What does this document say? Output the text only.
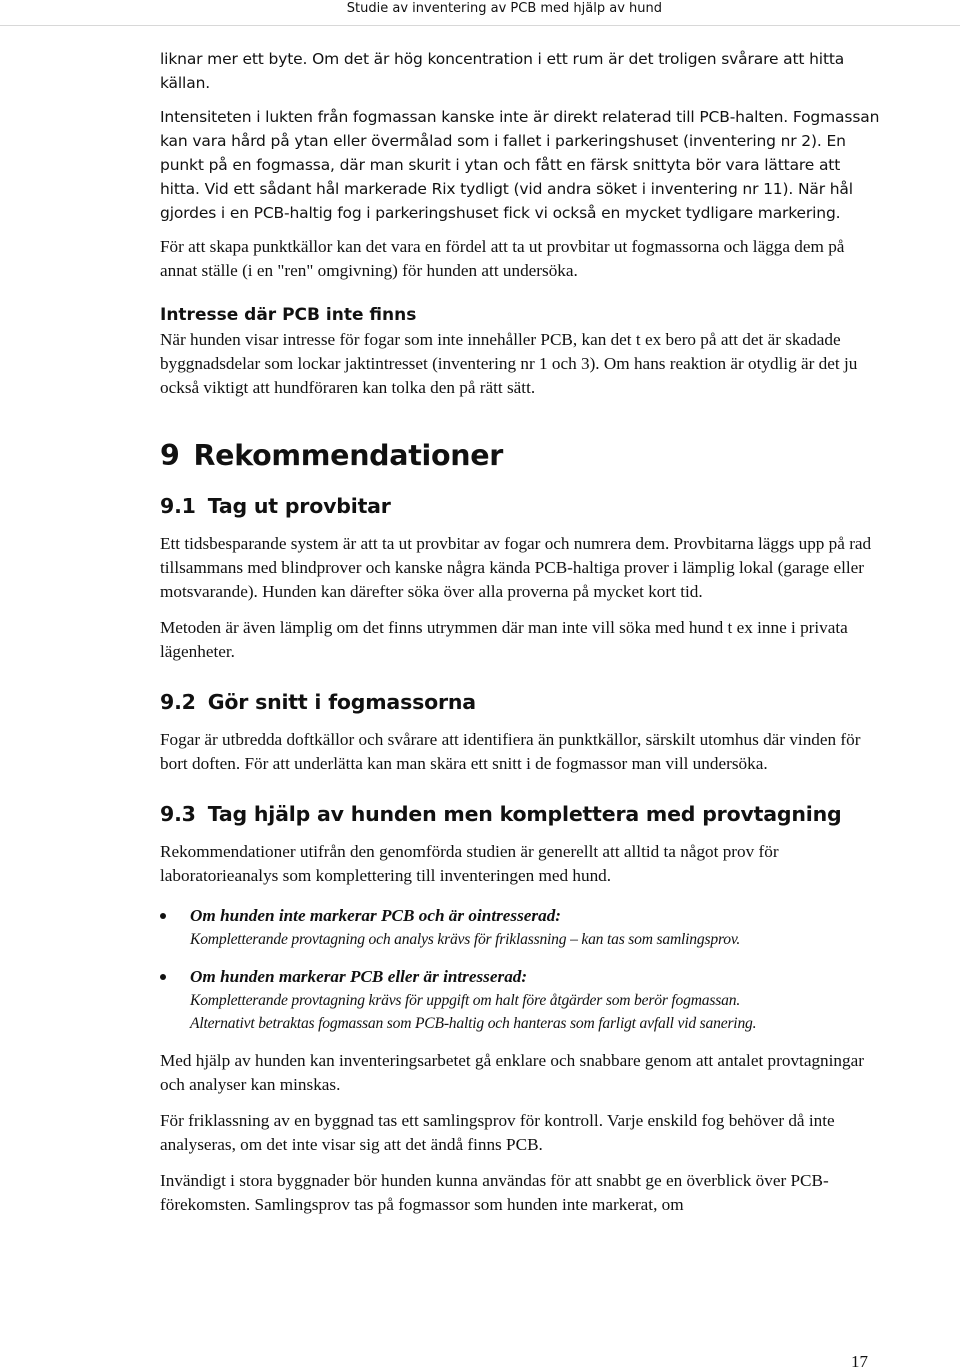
Studie av inventering av PCB med hjälp av hund

liknar mer ett byte. Om det är hög koncentration i ett rum är det troligen svårare att hitta källan.

Intensiteten i lukten från fogmassan kanske inte är direkt relaterad till PCB-halten. Fogmassan kan vara hård på ytan eller övermålad som i fallet i parkeringshuset (inventering nr 2). En punkt på en fogmassa, där man skurit i ytan och fått en färsk snittyta bör vara lättare att hitta. Vid ett sådant hål markerade Rix tydligt (vid andra söket i inventering nr 11). När hål gjordes i en PCB-haltig fog i parkeringshuset fick vi också en mycket tydligare markering.

För att skapa punktkällor kan det vara en fördel att ta ut provbitar ut fogmassorna och lägga dem på annat ställe (i en "ren" omgivning) för hunden att undersöka.

Intresse där PCB inte finns

När hunden visar intresse för fogar som inte innehåller PCB, kan det t ex bero på att det är skadade byggnadsdelar som lockar jaktintresset (inventering nr 1 och 3). Om hans reaktion är otydlig är det ju också viktigt att hundföraren kan tolka den på rätt sätt.

9 Rekommendationer
9.1 Tag ut provbitar

Ett tidsbesparande system är att ta ut provbitar av fogar och numrera dem. Provbitarna läggs upp på rad tillsammans med blindprover och kanske några kända PCB-haltiga prover i lämplig lokal (garage eller motsvarande). Hunden kan därefter söka över alla proverna på mycket kort tid.

Metoden är även lämplig om det finns utrymmen där man inte vill söka med hund t ex inne i privata lägenheter.

9.2 Gör snitt i fogmassorna

Fogar är utbredda doftkällor och svårare att identifiera än punktkällor, särskilt utomhus där vinden för bort doften. För att underlätta kan man skära ett snitt i de fogmassor man vill undersöka.

9.3 Tag hjälp av hunden men komplettera med provtagning

Rekommendationer utifrån den genomförda studien är generellt att alltid ta något prov för laboratorieanalys som komplettering till inventeringen med hund.

Om hunden inte markerar PCB och är ointresserad:
Kompletterande provtagning och analys krävs för friklassning – kan tas som samlingsprov.
Om hunden markerar PCB eller är intresserad:
Kompletterande provtagning krävs för uppgift om halt före åtgärder som berör fogmassan.
Alternativt betraktas fogmassan som PCB-haltig och hanteras som farligt avfall vid sanering.

Med hjälp av hunden kan inventeringsarbetet gå enklare och snabbare genom att antalet provtagningar och analyser kan minskas.

För friklassning av en byggnad tas ett samlingsprov för kontroll. Varje enskild fog behöver då inte analyseras, om det inte visar sig att det ändå finns PCB.

Invändigt i stora byggnader bör hunden kunna användas för att snabbt ge en överblick över PCB-förekomsten. Samlingsprov tas på fogmassor som hunden inte markerat, om

17
